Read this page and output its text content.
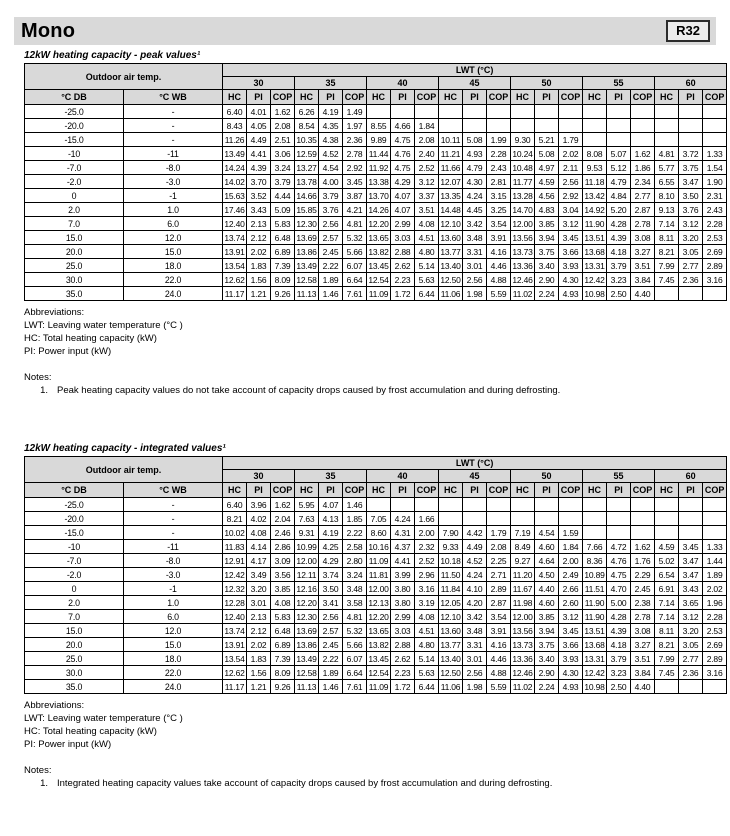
Mono	R32
12kW heating capacity - peak values¹
Outdoor air temp.		LWT (°C)																				
		30			35			40			45			50			55			60		
°C DB	°C WB	HC	PI	COP	HC	PI	COP	HC	PI	COP	HC	PI	COP	HC	PI	COP	HC	PI	COP	HC	PI	COP
-25.0	-	6.40	4.01	1.62	6.26	4.19	1.49															
-20.0	-	8.43	4.05	2.08	8.54	4.35	1.97	8.55	4.66	1.84												
-15.0	-	11.26	4.49	2.51	10.35	4.38	2.36	9.89	4.75	2.08	10.11	5.08	1.99	9.30	5.21	1.79						
-10	-11	13.49	4.41	3.06	12.59	4.52	2.78	11.44	4.76	2.40	11.21	4.93	2.28	10.24	5.08	2.02	8.08	5.07	1.62	4.81	3.72	1.33
-7.0	-8.0	14.24	4.39	3.24	13.27	4.54	2.92	11.92	4.75	2.52	11.66	4.79	2.43	10.48	4.97	2.11	9.53	5.12	1.86	5.77	3.75	1.54
-2.0	-3.0	14.02	3.70	3.79	13.78	4.00	3.45	13.38	4.29	3.12	12.07	4.30	2.81	11.77	4.59	2.56	11.18	4.79	2.34	6.55	3.47	1.90
0	-1	15.63	3.52	4.44	14.66	3.79	3.87	13.70	4.07	3.37	13.35	4.24	3.15	13.28	4.56	2.92	13.42	4.84	2.77	8.10	3.50	2.31
2.0	1.0	17.46	3.43	5.09	15.85	3.76	4.21	14.26	4.07	3.51	14.48	4.45	3.25	14.70	4.83	3.04	14.92	5.20	2.87	9.13	3.76	2.43
7.0	6.0	12.40	2.13	5.83	12.30	2.56	4.81	12.20	2.99	4.08	12.10	3.42	3.54	12.00	3.85	3.12	11.90	4.28	2.78	7.14	3.12	2.28
15.0	12.0	13.74	2.12	6.48	13.69	2.57	5.32	13.65	3.03	4.51	13.60	3.48	3.91	13.56	3.94	3.45	13.51	4.39	3.08	8.11	3.20	2.53
20.0	15.0	13.91	2.02	6.89	13.86	2.45	5.66	13.82	2.88	4.80	13.77	3.31	4.16	13.73	3.75	3.66	13.68	4.18	3.27	8.21	3.05	2.69
25.0	18.0	13.54	1.83	7.39	13.49	2.22	6.07	13.45	2.62	5.14	13.40	3.01	4.46	13.36	3.40	3.93	13.31	3.79	3.51	7.99	2.77	2.89
30.0	22.0	12.62	1.56	8.09	12.58	1.89	6.64	12.54	2.23	5.63	12.50	2.56	4.88	12.46	2.90	4.30	12.42	3.23	3.84	7.45	2.36	3.16
35.0	24.0	11.17	1.21	9.26	11.13	1.46	7.61	11.09	1.72	6.44	11.06	1.98	5.59	11.02	2.24	4.93	10.98	2.50	4.40			
Abbreviations:
LWT: Leaving water temperature (°C )
HC: Total heating capacity (kW)
PI: Power input (kW)
Notes:
1. Peak heating capacity values do not take account of capacity drops caused by frost accumulation and during defrosting.
12kW heating capacity - integrated values¹
Outdoor air temp.		LWT (°C)																				
		30			35			40			45			50			55			60		
°C DB	°C WB	HC	PI	COP	HC	PI	COP	HC	PI	COP	HC	PI	COP	HC	PI	COP	HC	PI	COP	HC	PI	COP
-25.0	-	6.40	3.96	1.62	5.95	4.07	1.46															
-20.0	-	8.21	4.02	2.04	7.63	4.13	1.85	7.05	4.24	1.66												
-15.0	-	10.02	4.08	2.46	9.31	4.19	2.22	8.60	4.31	2.00	7.90	4.42	1.79	7.19	4.54	1.59						
-10	-11	11.83	4.14	2.86	10.99	4.25	2.58	10.16	4.37	2.32	9.33	4.49	2.08	8.49	4.60	1.84	7.66	4.72	1.62	4.59	3.45	1.33
-7.0	-8.0	12.91	4.17	3.09	12.00	4.29	2.80	11.09	4.41	2.52	10.18	4.52	2.25	9.27	4.64	2.00	8.36	4.76	1.76	5.02	3.47	1.44
-2.0	-3.0	12.42	3.49	3.56	12.11	3.74	3.24	11.81	3.99	2.96	11.50	4.24	2.71	11.20	4.50	2.49	10.89	4.75	2.29	6.54	3.47	1.89
0	-1	12.32	3.20	3.85	12.16	3.50	3.48	12.00	3.80	3.16	11.84	4.10	2.89	11.67	4.40	2.66	11.51	4.70	2.45	6.91	3.43	2.02
2.0	1.0	12.28	3.01	4.08	12.20	3.41	3.58	12.13	3.80	3.19	12.05	4.20	2.87	11.98	4.60	2.60	11.90	5.00	2.38	7.14	3.65	1.96
7.0	6.0	12.40	2.13	5.83	12.30	2.56	4.81	12.20	2.99	4.08	12.10	3.42	3.54	12.00	3.85	3.12	11.90	4.28	2.78	7.14	3.12	2.28
15.0	12.0	13.74	2.12	6.48	13.69	2.57	5.32	13.65	3.03	4.51	13.60	3.48	3.91	13.56	3.94	3.45	13.51	4.39	3.08	8.11	3.20	2.53
20.0	15.0	13.91	2.02	6.89	13.86	2.45	5.66	13.82	2.88	4.80	13.77	3.31	4.16	13.73	3.75	3.66	13.68	4.18	3.27	8.21	3.05	2.69
25.0	18.0	13.54	1.83	7.39	13.49	2.22	6.07	13.45	2.62	5.14	13.40	3.01	4.46	13.36	3.40	3.93	13.31	3.79	3.51	7.99	2.77	2.89
30.0	22.0	12.62	1.56	8.09	12.58	1.89	6.64	12.54	2.23	5.63	12.50	2.56	4.88	12.46	2.90	4.30	12.42	3.23	3.84	7.45	2.36	3.16
35.0	24.0	11.17	1.21	9.26	11.13	1.46	7.61	11.09	1.72	6.44	11.06	1.98	5.59	11.02	2.24	4.93	10.98	2.50	4.40			
Abbreviations:
LWT: Leaving water temperature (°C )
HC: Total heating capacity (kW)
PI: Power input (kW)
Notes:
1. Integrated heating capacity values take account of capacity drops caused by frost accumulation and during defrosting.
